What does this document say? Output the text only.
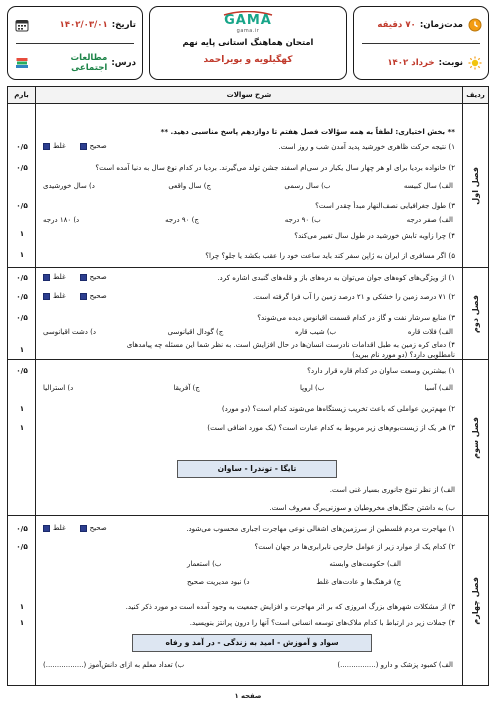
مدت‌زمان:
۷۰ دقیقه
نوبت:
خرداد ۱۴۰۲
GAMA
gama.ir
امتحان هماهنگ استانی پایه نهم
کهگیلویه و بویراحمد
تاریخ:
۱۴۰۲/۰۳/۰۱
درس:
مطالعات اجتماعی
ردیف
شرح سوالات
بارم
فصل اول
۰/۵
۰/۵
۰/۵
۱
۱
** بخش اختیاری: لطفاً به همه سؤالات فصل هفتم تا دوازدهم پاسخ مناسبی دهید. **
۱) نتیجه حرکت ظاهری خورشید پدید آمدن شب و روز است.
صحیح
غلط
۲) خانواده بردیا برای او هر چهار سال یکبار در سی‌ام اسفند جشن تولد می‌گیرند. بردیا در کدام نوع سال به دنیا آمده است؟
الف) سال کبیسه
ب) سال رسمی
ج) سال واقعی
د) سال خورشیدی
۳) طول جغرافیایی نصف‌النهار مبدأ چقدر است؟
الف) صفر درجه
ب) ۹۰ درجه
ج) ۹۰ درجه
د) ۱۸۰ درجه
۴) چرا زاویه تابش خورشید در طول سال تغییر می‌کند؟
۵) اگر مسافری از ایران به ژاپن سفر کند باید ساعت خود را عقب بکشد یا جلو؟ چرا؟
فصل دوم
۰/۵
۰/۵
۰/۵
۱
۱) از ویژگی‌های کوه‌های جوان می‌توان به دره‌های باز و قله‌های گنبدی اشاره کرد.
صحیح
غلط
۲) ۷۱ درصد زمین را خشکی و ۲۱ درصد زمین را آب فرا گرفته است.
صحیح
غلط
۳) منابع سرشار نفت و گاز در کدام قسمت اقیانوس دیده می‌شوند؟
الف) فلات قاره
ب) شیب قاره
ج) گودال اقیانوسی
د) دشت اقیانوسی
۴) دمای کره زمین به طبل اقدامات نادرست انسان‌ها در حال افزایش است. به نظر شما این مسئله چه پیامدهای
نامطلوبی دارد؟ (دو مورد نام ببرید)
فصل سوم
۰/۵
۱
۱
۱) بیشترین وسعت ساوان در کدام قاره قرار دارد؟
الف) آسیا
ب) اروپا
ج) آفریقا
د) استرالیا
۲) مهم‌ترین عواملی که باعث تخریب زیستگاه‌ها می‌شوند کدام است؟ (دو مورد)
۳) هر یک از زیست‌بوم‌های زیر مربوط به کدام عبارت است؟ (یک مورد اضافی است)
تایگا - توندرا - ساوان
الف) از نظر تنوع جانوری بسیار غنی است.
ب) به داشتن جنگل‌های مخروطیان و سوزنی‌برگ معروف است.
فصل چهارم
۰/۵
۰/۵
۱
۱
۱) مهاجرت مردم فلسطین از سرزمین‌های اشغالی نوعی مهاجرت اجباری محسوب می‌شود.
صحیح
غلط
۲) کدام یک از موارد زیر از عوامل خارجی نابرابری‌ها در جهان است؟
الف) حکومت‌های وابسته
ب) استعمار
ج) فرهنگ‌ها و عادت‌های غلط
د) نبود مدیریت صحیح
۳) از مشکلات شهرهای بزرگ امروزی که بر اثر مهاجرت و افزایش جمعیت به وجود آمده است دو مورد ذکر کنید.
۴) جملات زیر در ارتباط با کدام ملاک‌های توسعه انسانی است؟ آنها را درون پرانتز بنویسید.
سواد و آموزش - امید به زندگی - در آمد و رفاه
الف) کمبود پزشک و دارو (................)
ب) تعداد معلم به ازای دانش‌آموز (.................)
صفحه ۱
